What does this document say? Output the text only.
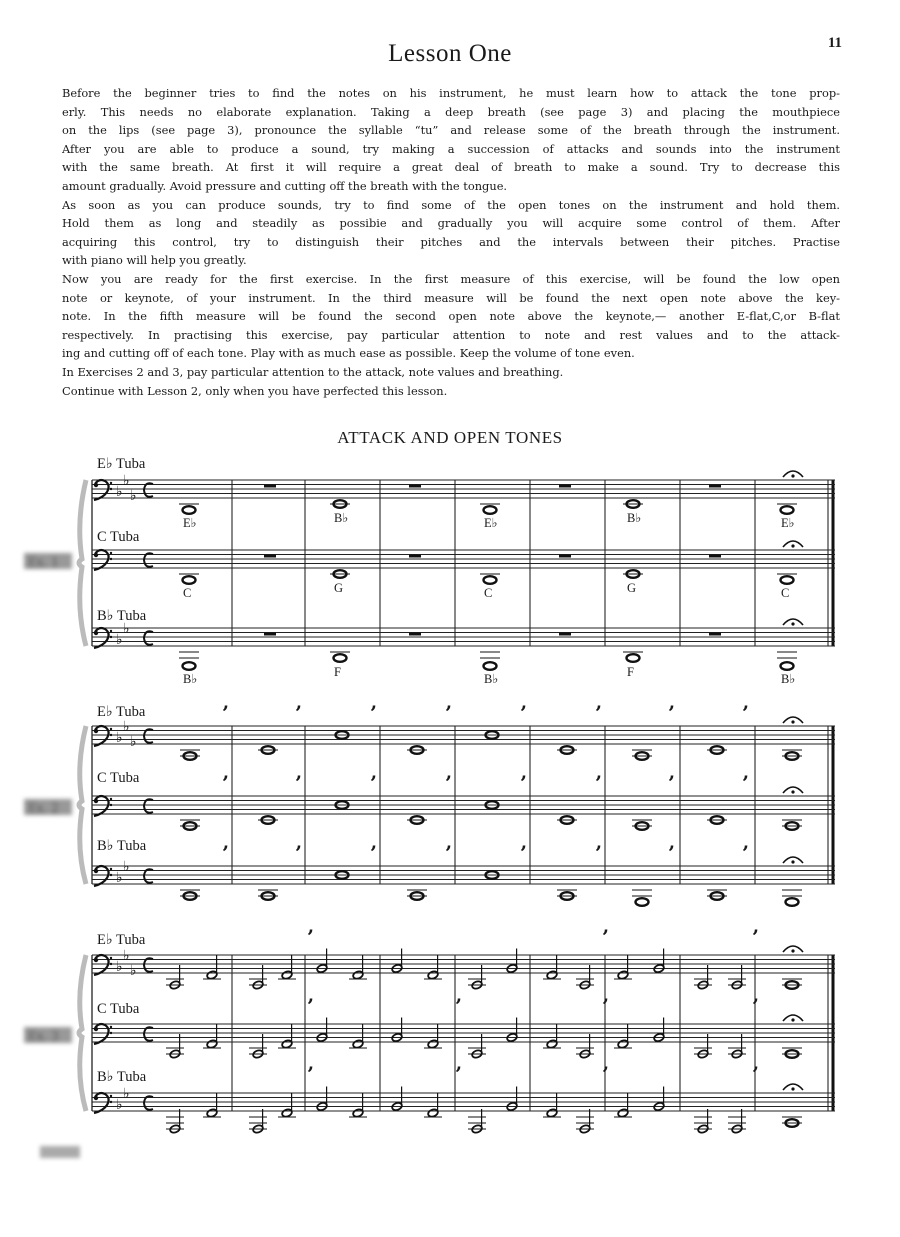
Lesson One	11
Before the beginner tries to find the notes on his instrument, he must learn how to attack the tone prop-
erly. This needs no elaborate explanation. Taking a deep breath (see page 3) and placing the mouthpiece
on the lips (see page 3), pronounce the syllable “tu” and release some of the breath through the instrument.
After you are able to produce a sound, try making a succession of attacks and sounds into the instrument
with the same breath. At first it will require a great deal of breath to make a sound. Try to decrease this
amount gradually. Avoid pressure and cutting off the breath with the tongue.
As soon as you can produce sounds, try to find some of the open tones on the instrument and hold them.
Hold them as long and steadily as possibie and gradually you will acquire some control of them. After
acquiring this control, try to distinguish their pitches and the intervals between their pitches. Practise
with piano will help you greatly.
Now you are ready for the first exercise. In the first measure of this exercise, will be found the low open
note or keynote, of your instrument. In the third measure will be found the next open note above the key-
note. In the fifth measure will be found the second open note above the keynote,— another E-flat,C,or B-flat
respectively. In practising this exercise, pay particular attention to note and rest values and to the attack-
ing and cutting off of each tone. Play with as much ease as possible. Keep the volume of tone even.
In Exercises 2 and 3, pay particular attention to the attack, note values and breathing.
Continue with Lesson 2, only when you have perfected this lesson.
ATTACK AND OPEN TONES
E♭ Tuba
C Tuba
B♭ Tuba
E♭ Tuba
C Tuba
B♭ Tuba
E♭ Tuba
C Tuba
B♭ Tuba
♭
♭
♭
♭
♭
Ex. 1
E♭	B♭	E♭	B♭	E♭
C	G	C	G	C
B♭	F	B♭	F	B♭
♭
♭
♭
♭
♭
Ex. 2
’	’	’	’	’	’	’	’
’	’	’	’	’	’	’	’
’	’	’	’	’	’	’	’
♭
♭
♭
♭
♭
Ex. 3
’	’	’
’	’	’	’
’	’	’	’
